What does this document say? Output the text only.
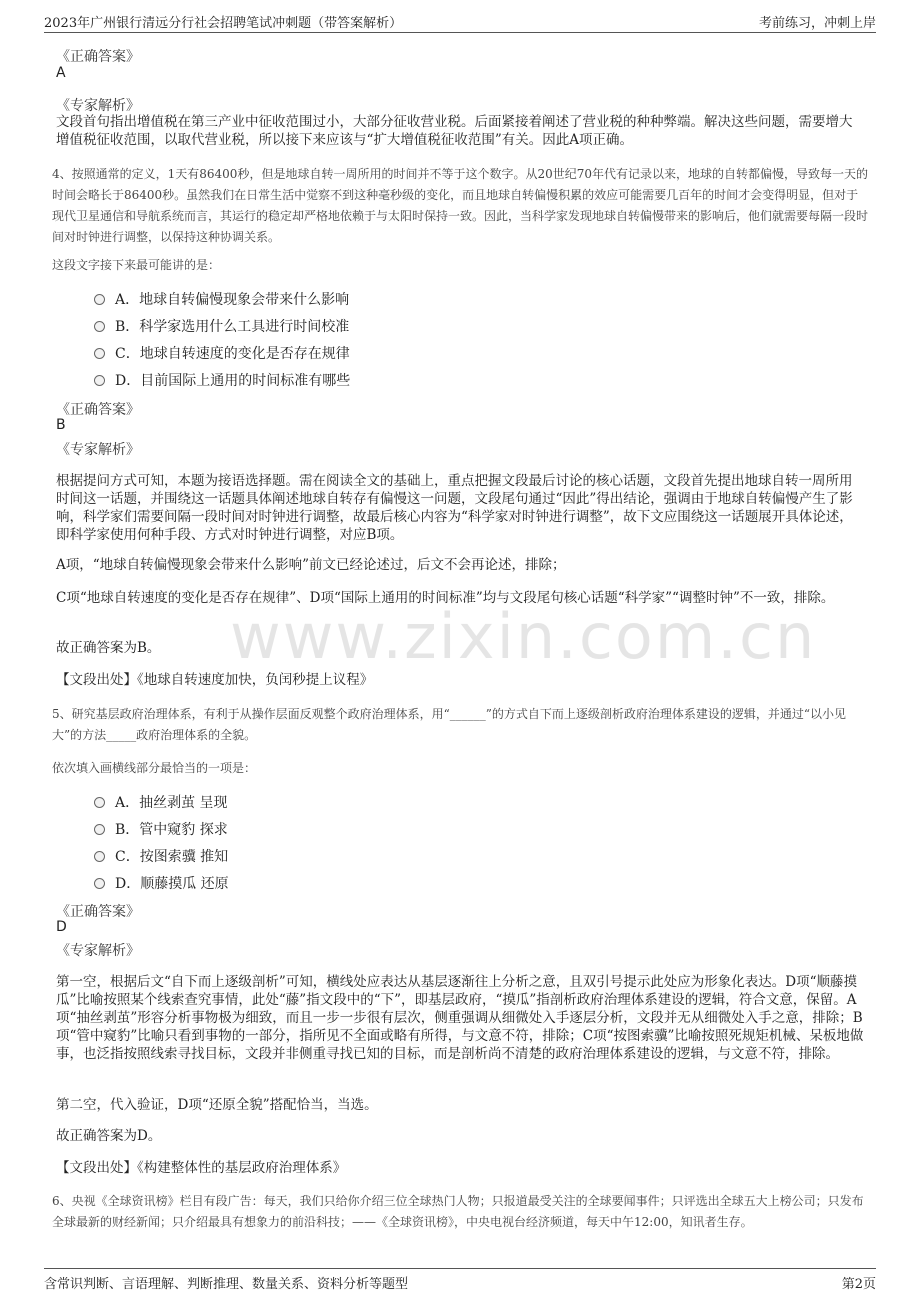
2023年广州银行清远分行社会招聘笔试冲刺题（带答案解析）	考前练习，冲刺上岸
www.zixin.com.cn
《正确答案》
A
《专家解析》
文段首句指出增值税在第三产业中征收范围过小，大部分征收营业税。后面紧接着阐述了营业税的种种弊端。解决这些问题，需要增大增值税征收范围，以取代营业税，所以接下来应该与“扩大增值税征收范围”有关。因此A项正确。
4、按照通常的定义，1天有86400秒，但是地球自转一周所用的时间并不等于这个数字。从20世纪70年代有记录以来，地球的自转都偏慢，导致每一天的时间会略长于86400秒。虽然我们在日常生活中觉察不到这种毫秒级的变化，而且地球自转偏慢积累的效应可能需要几百年的时间才会变得明显，但对于现代卫星通信和导航系统而言，其运行的稳定却严格地依赖于与太阳时保持一致。因此，当科学家发现地球自转偏慢带来的影响后，他们就需要每隔一段时间对时钟进行调整，以保持这种协调关系。
这段文字接下来最可能讲的是：
A．地球自转偏慢现象会带来什么影响
B．科学家选用什么工具进行时间校准
C．地球自转速度的变化是否存在规律
D．目前国际上通用的时间标准有哪些
《正确答案》
B
《专家解析》
根据提问方式可知，本题为接语选择题。需在阅读全文的基础上，重点把握文段最后讨论的核心话题，文段首先提出地球自转一周所用时间这一话题，并围绕这一话题具体阐述地球自转存有偏慢这一问题，文段尾句通过“因此”得出结论，强调由于地球自转偏慢产生了影响，科学家们需要间隔一段时间对时钟进行调整，故最后核心内容为“科学家对时钟进行调整”，故下文应围绕这一话题展开具体论述，即科学家使用何种手段、方式对时钟进行调整，对应B项。
A项，“地球自转偏慢现象会带来什么影响”前文已经论述过，后文不会再论述，排除；
C项“地球自转速度的变化是否存在规律”、D项“国际上通用的时间标准”均与文段尾句核心话题“科学家”“调整时钟”不一致，排除。
故正确答案为B。
【文段出处】《地球自转速度加快，负闰秒提上议程》
5、研究基层政府治理体系，有利于从操作层面反观整个政府治理体系，用“______”的方式自下而上逐级剖析政府治理体系建设的逻辑，并通过“以小见大”的方法_____政府治理体系的全貌。
依次填入画横线部分最恰当的一项是：
A．抽丝剥茧 呈现
B．管中窥豹 探求
C．按图索骥 推知
D．顺藤摸瓜 还原
《正确答案》
D
《专家解析》
第一空，根据后文“自下而上逐级剖析”可知，横线处应表达从基层逐渐往上分析之意，且双引号提示此处应为形象化表达。D项“顺藤摸瓜”比喻按照某个线索查究事情，此处“藤”指文段中的“下”，即基层政府，“摸瓜”指剖析政府治理体系建设的逻辑，符合文意，保留。A项“抽丝剥茧”形容分析事物极为细致，而且一步一步很有层次，侧重强调从细微处入手逐层分析，文段并无从细微处入手之意，排除；B项“管中窥豹”比喻只看到事物的一部分，指所见不全面或略有所得，与文意不符，排除；C项“按图索骥”比喻按照死规矩机械、呆板地做事，也泛指按照线索寻找目标，文段并非侧重寻找已知的目标，而是剖析尚不清楚的政府治理体系建设的逻辑，与文意不符，排除。
第二空，代入验证，D项“还原全貌”搭配恰当，当选。
故正确答案为D。
【文段出处】《构建整体性的基层政府治理体系》
6、央视《全球资讯榜》栏目有段广告：每天，我们只给你介绍三位全球热门人物；只报道最受关注的全球要闻事件；只评选出全球五大上榜公司；只发布全球最新的财经新闻；只介绍最具有想象力的前沿科技；——《全球资讯榜》，中央电视台经济频道，每天中午12:00，知讯者生存。
含常识判断、言语理解、判断推理、数量关系、资料分析等题型	第2页
